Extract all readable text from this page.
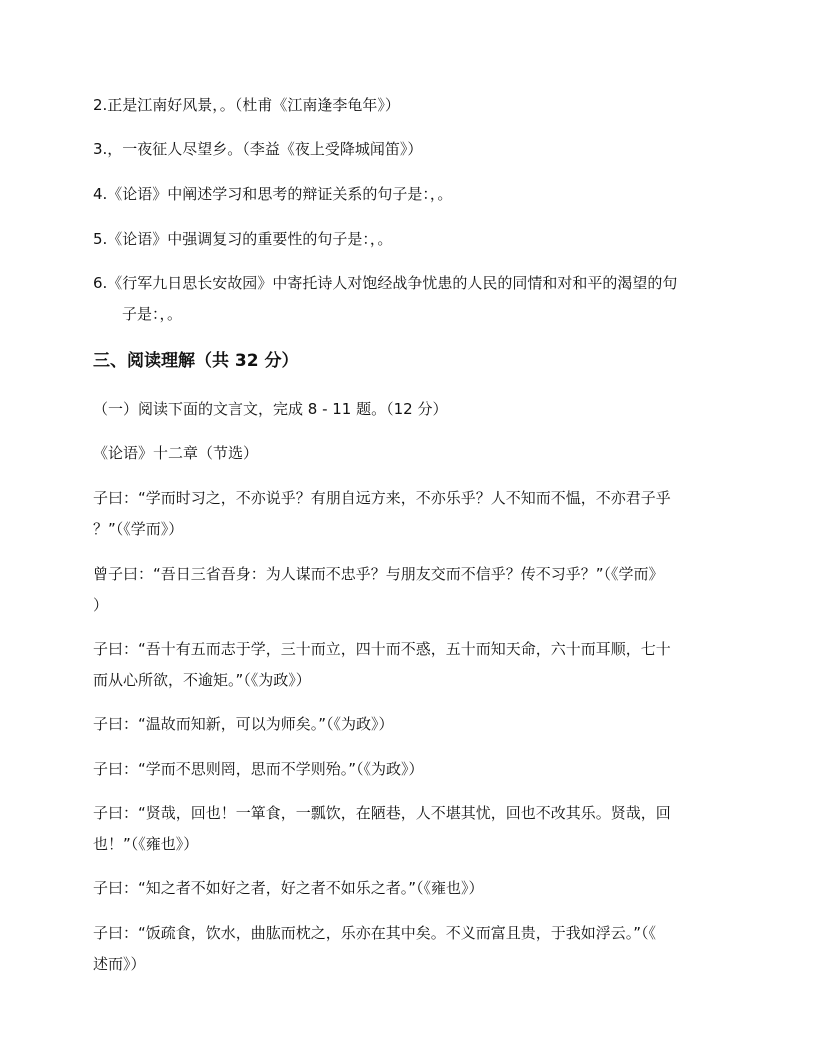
2.正是江南好风景，。（杜甫《江南逢李龟年》）
3.，一夜征人尽望乡。（李益《夜上受降城闻笛》）
4.《论语》中阐述学习和思考的辩证关系的句子是：，。
5.《论语》中强调复习的重要性的句子是：，。
6.《行军九日思长安故园》中寄托诗人对饱经战争忧患的人民的同情和对和平的渴望的句
子是：，。
三、阅读理解（共 32 分）
（一）阅读下面的文言文，完成 8 - 11 题。（12 分）
《论语》十二章（节选）
子曰：“学而时习之，不亦说乎？有朋自远方来，不亦乐乎？人不知而不愠，不亦君子乎
？”（《学而》）
曾子曰：“吾日三省吾身：为人谋而不忠乎？与朋友交而不信乎？传不习乎？”（《学而》
）
子曰：“吾十有五而志于学，三十而立，四十而不惑，五十而知天命，六十而耳顺，七十
而从心所欲，不逾矩。”（《为政》）
子曰：“温故而知新，可以为师矣。”（《为政》）
子曰：“学而不思则罔，思而不学则殆。”（《为政》）
子曰：“贤哉，回也！一箪食，一瓢饮，在陋巷，人不堪其忧，回也不改其乐。贤哉，回
也！”（《雍也》）
子曰：“知之者不如好之者，好之者不如乐之者。”（《雍也》）
子曰：“饭疏食，饮水，曲肱而枕之，乐亦在其中矣。不义而富且贵，于我如浮云。”（《
述而》）
